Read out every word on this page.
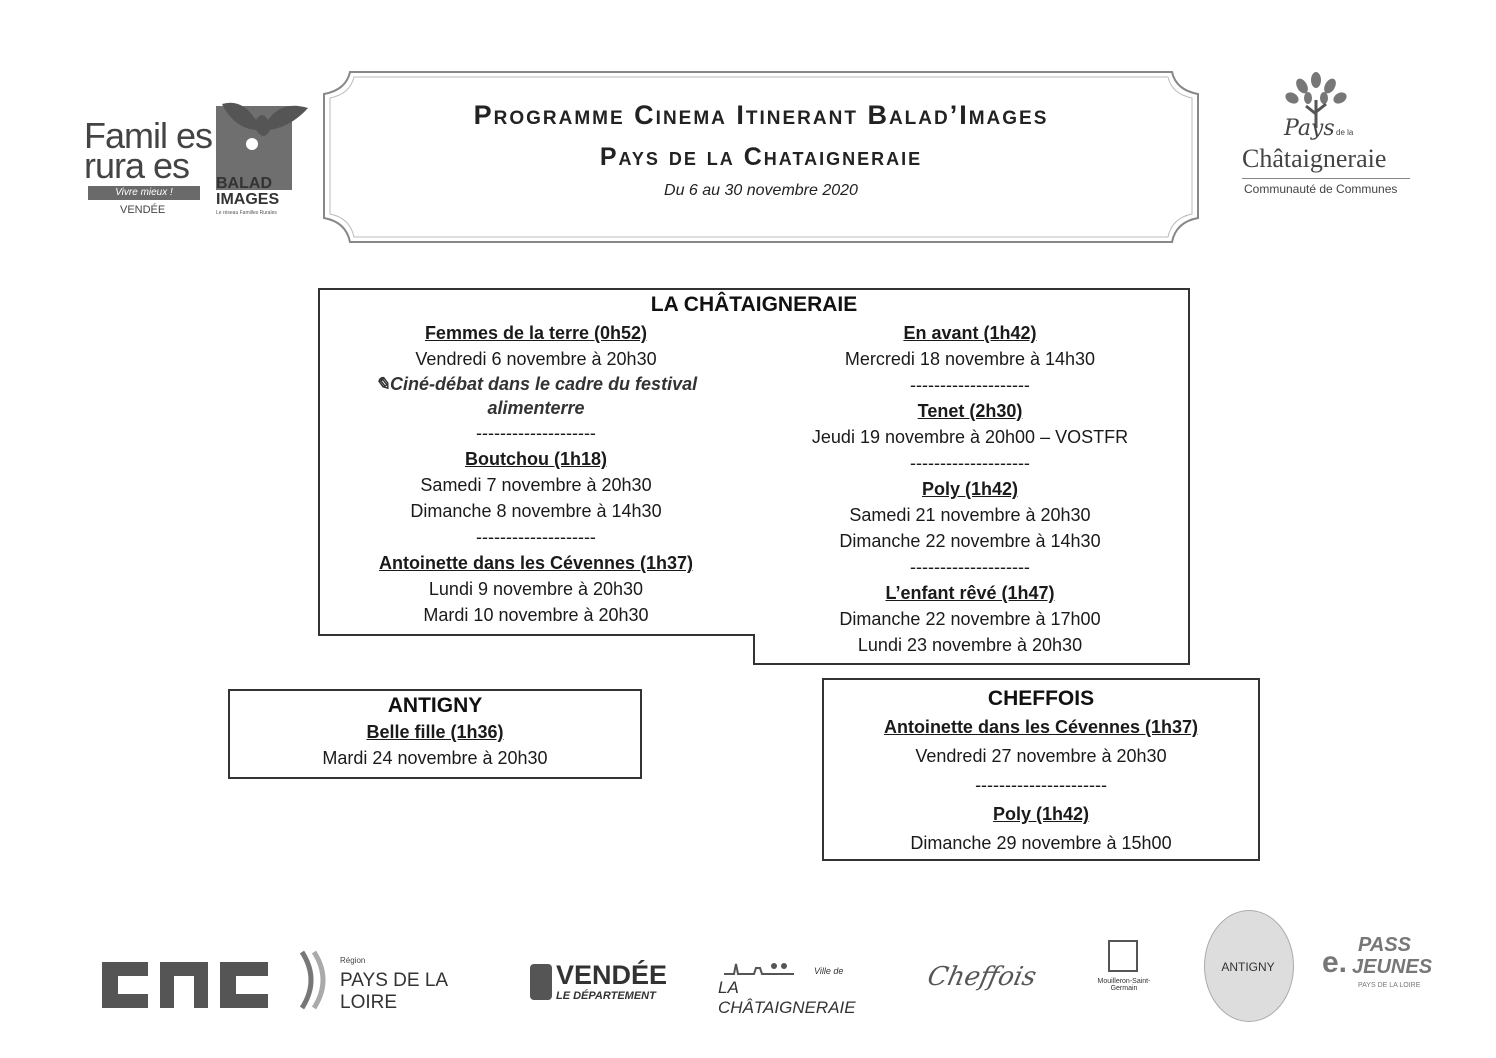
Programme Cinema Itinerant Balad’Images
Pays de la Chataigneraie
Du 6 au 30 novembre 2020
Famil es
rura es
Vivre mieux !
VENDÉE
BALAD
IMAGES
Le réseau Familles Rurales
Pays de la
Châtaigneraie
Communauté de Communes
LA CHÂTAIGNERAIE
Femmes de la terre (0h52)
Vendredi 6 novembre à 20h30
✎Ciné-débat dans le cadre du festival alimenterre
--------------------
Boutchou (1h18)
Samedi 7 novembre à 20h30
Dimanche 8 novembre à 14h30
--------------------
Antoinette dans les Cévennes (1h37)
Lundi 9 novembre à 20h30
Mardi 10 novembre à 20h30
En avant (1h42)
Mercredi 18 novembre à 14h30
--------------------
Tenet (2h30)
Jeudi 19 novembre à 20h00 – VOSTFR
--------------------
Poly (1h42)
Samedi 21 novembre à 20h30
Dimanche 22 novembre à 14h30
--------------------
L’enfant rêvé (1h47)
Dimanche 22 novembre à 17h00
Lundi 23 novembre à 20h30
ANTIGNY
Belle fille (1h36)
Mardi 24 novembre à 20h30
CHEFFOIS
Antoinette dans les Cévennes (1h37)
Vendredi 27 novembre à 20h30
----------------------
Poly (1h42)
Dimanche 29 novembre à 15h00
Région
PAYS DE LA LOIRE
VENDÉE
LE DÉPARTEMENT
Ville de
LA CHÂTAIGNERAIE
Cheffois	Mouilleron-Saint-Germain
ANTIGNY	e.
PASS
JEUNES
PAYS DE LA LOIRE
